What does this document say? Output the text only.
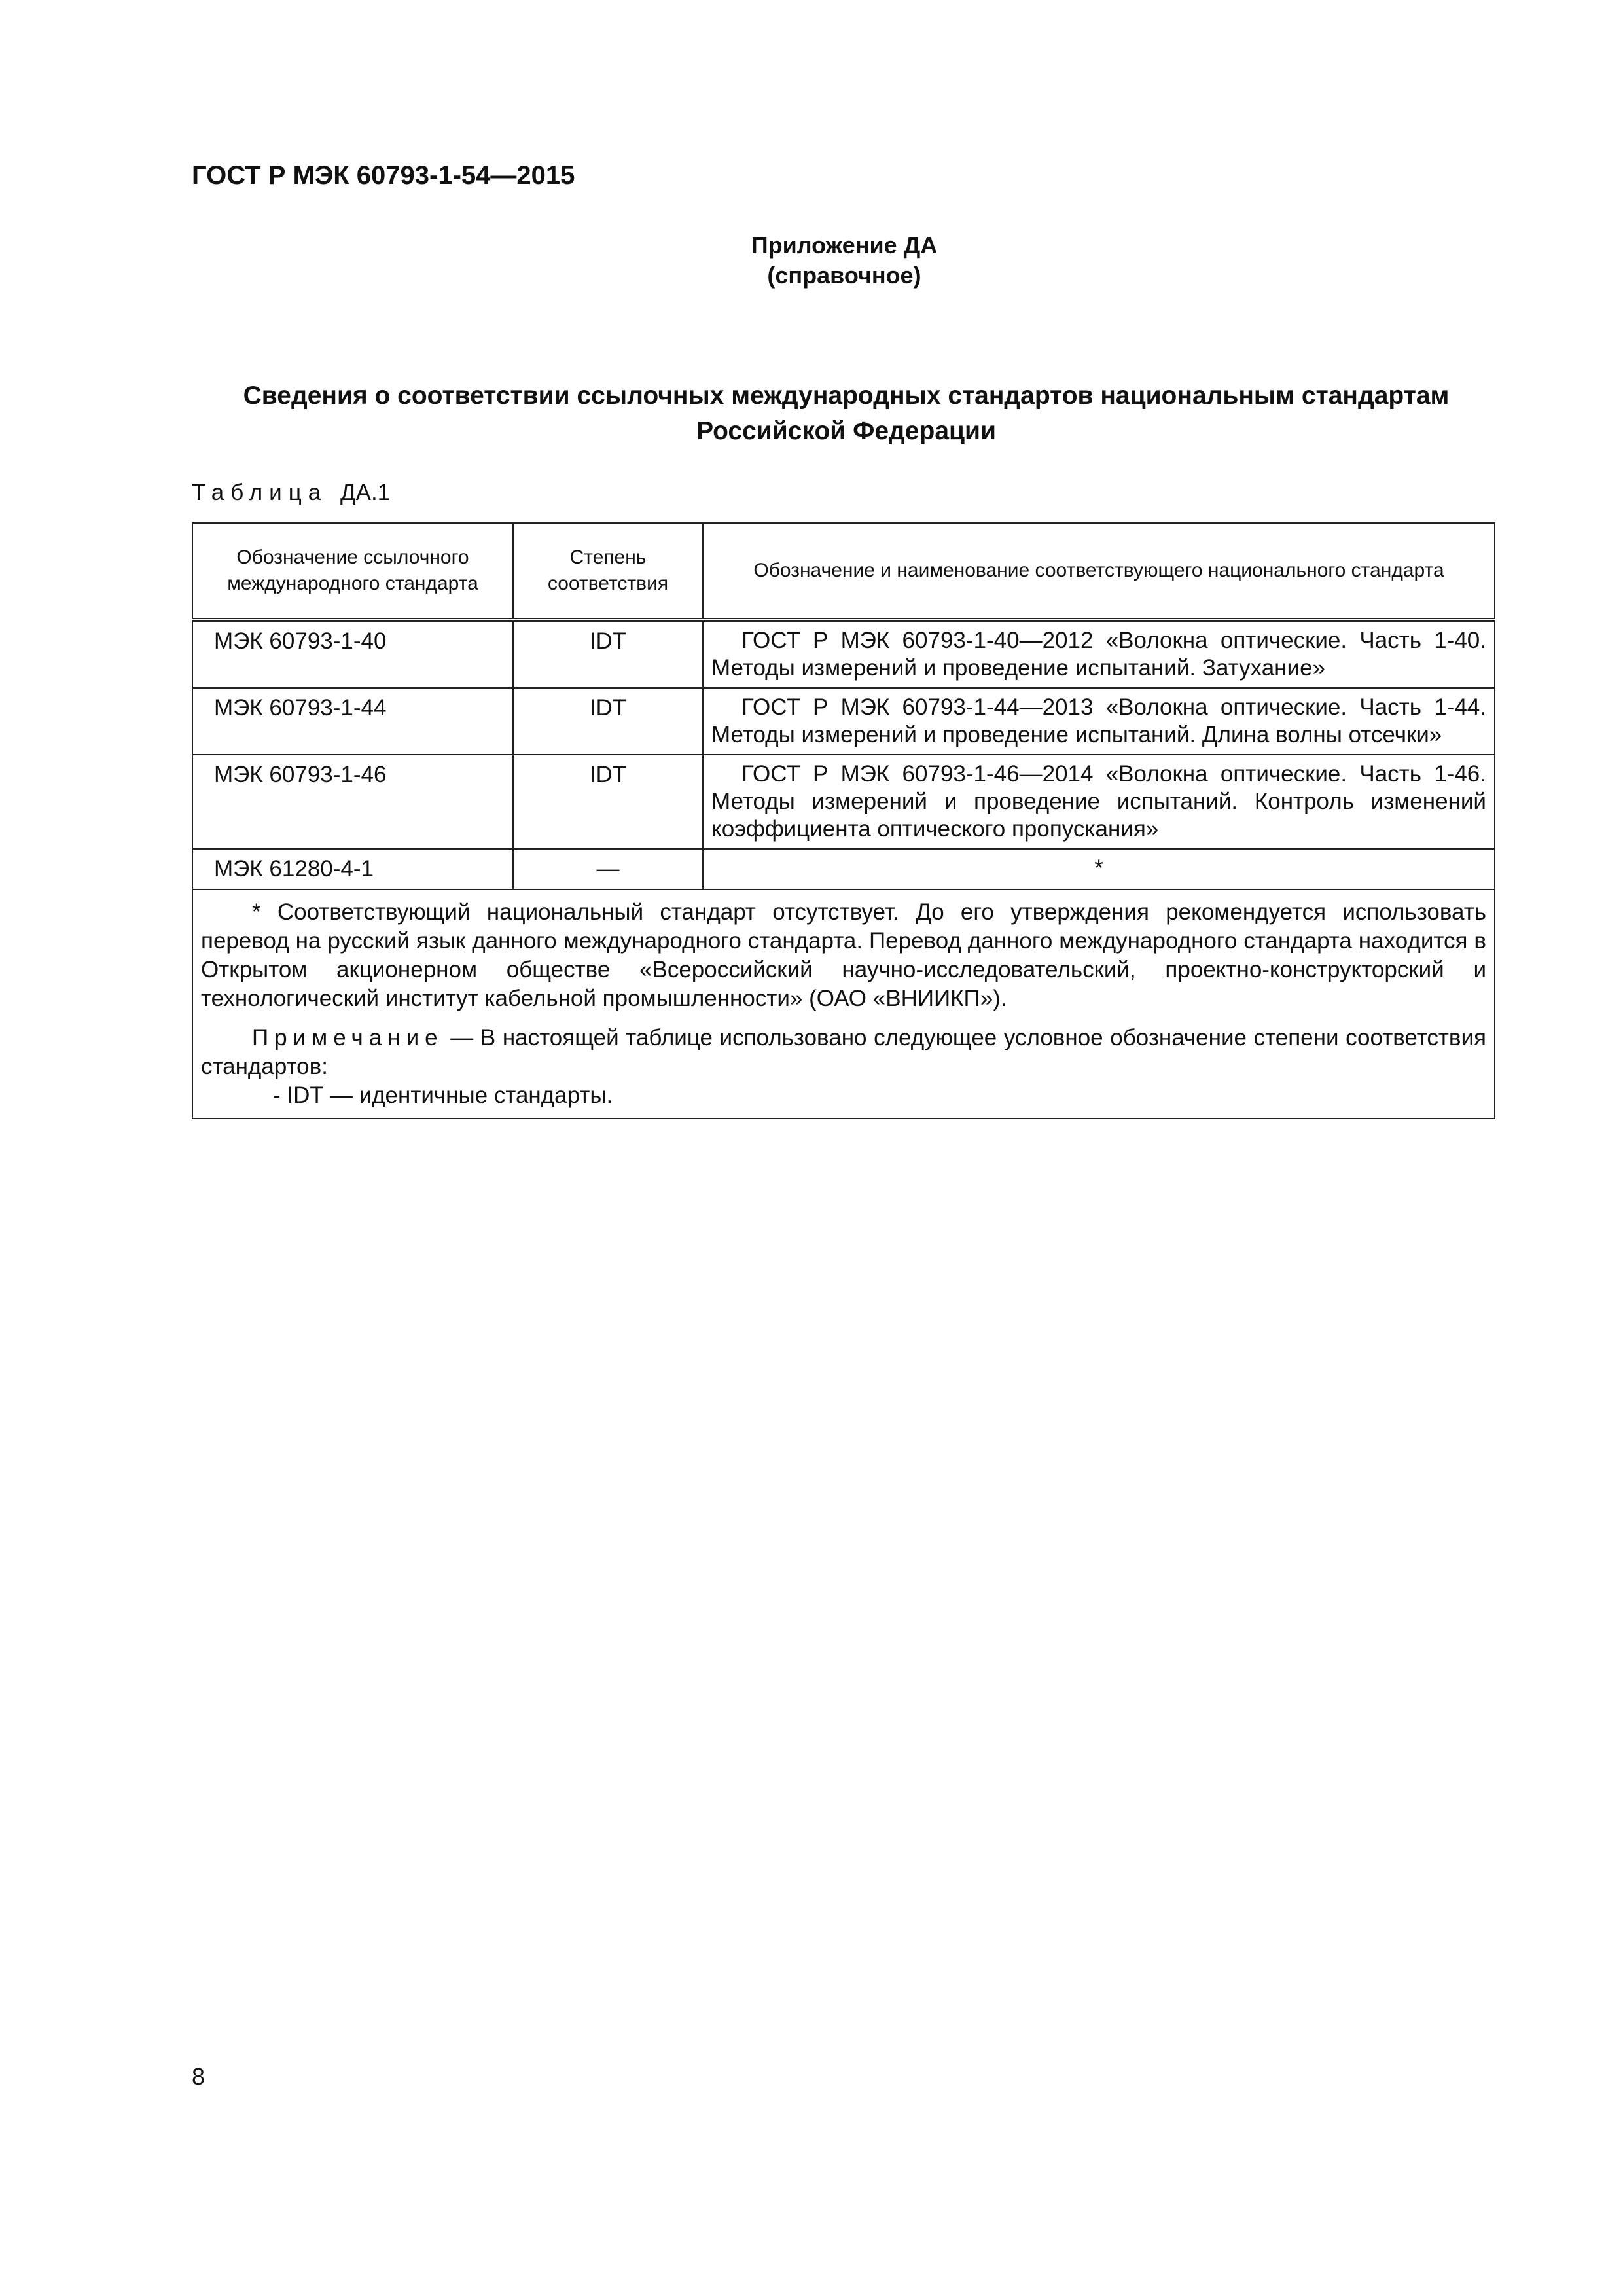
ГОСТ Р МЭК 60793-1-54—2015
Приложение ДА
(справочное)
Сведения о соответствии ссылочных международных стандартов национальным стандартам
Российской Федерации
Таблица ДА.1
Обозначение ссылочного международного стандарта	Степень соответствия	Обозначение и наименование соответствующего национального стандарта
МЭК 60793-1-40	IDT	ГОСТ Р МЭК 60793-1-40—2012 «Волокна оптические. Часть 1-40. Методы измерений и проведение испытаний. Затухание»

МЭК 60793-1-44	IDT	ГОСТ Р МЭК 60793-1-44—2013 «Волокна оптические. Часть 1-44. Методы измерений и проведение испытаний. Длина волны отсечки»

МЭК 60793-1-46	IDT	ГОСТ Р МЭК 60793-1-46—2014 «Волокна оптические. Часть 1-46. Методы измерений и проведение испытаний. Контроль изменений коэффициента оптического пропускания»

МЭК 61280-4-1	—	*

* Соответствующий национальный стандарт отсутствует. До его утверждения рекомендуется использовать перевод на русский язык данного международного стандарта. Перевод данного международного стандарта находится в Открытом акционерном обществе «Всероссийский научно-исследовательский, проектно-конструкторский и технологический институт кабельной промышленности» (ОАО «ВНИИКП»).

Примечание — В настоящей таблице использовано следующее условное обозначение степени соответствия стандартов:

- IDT — идентичные стандарты.		

8
